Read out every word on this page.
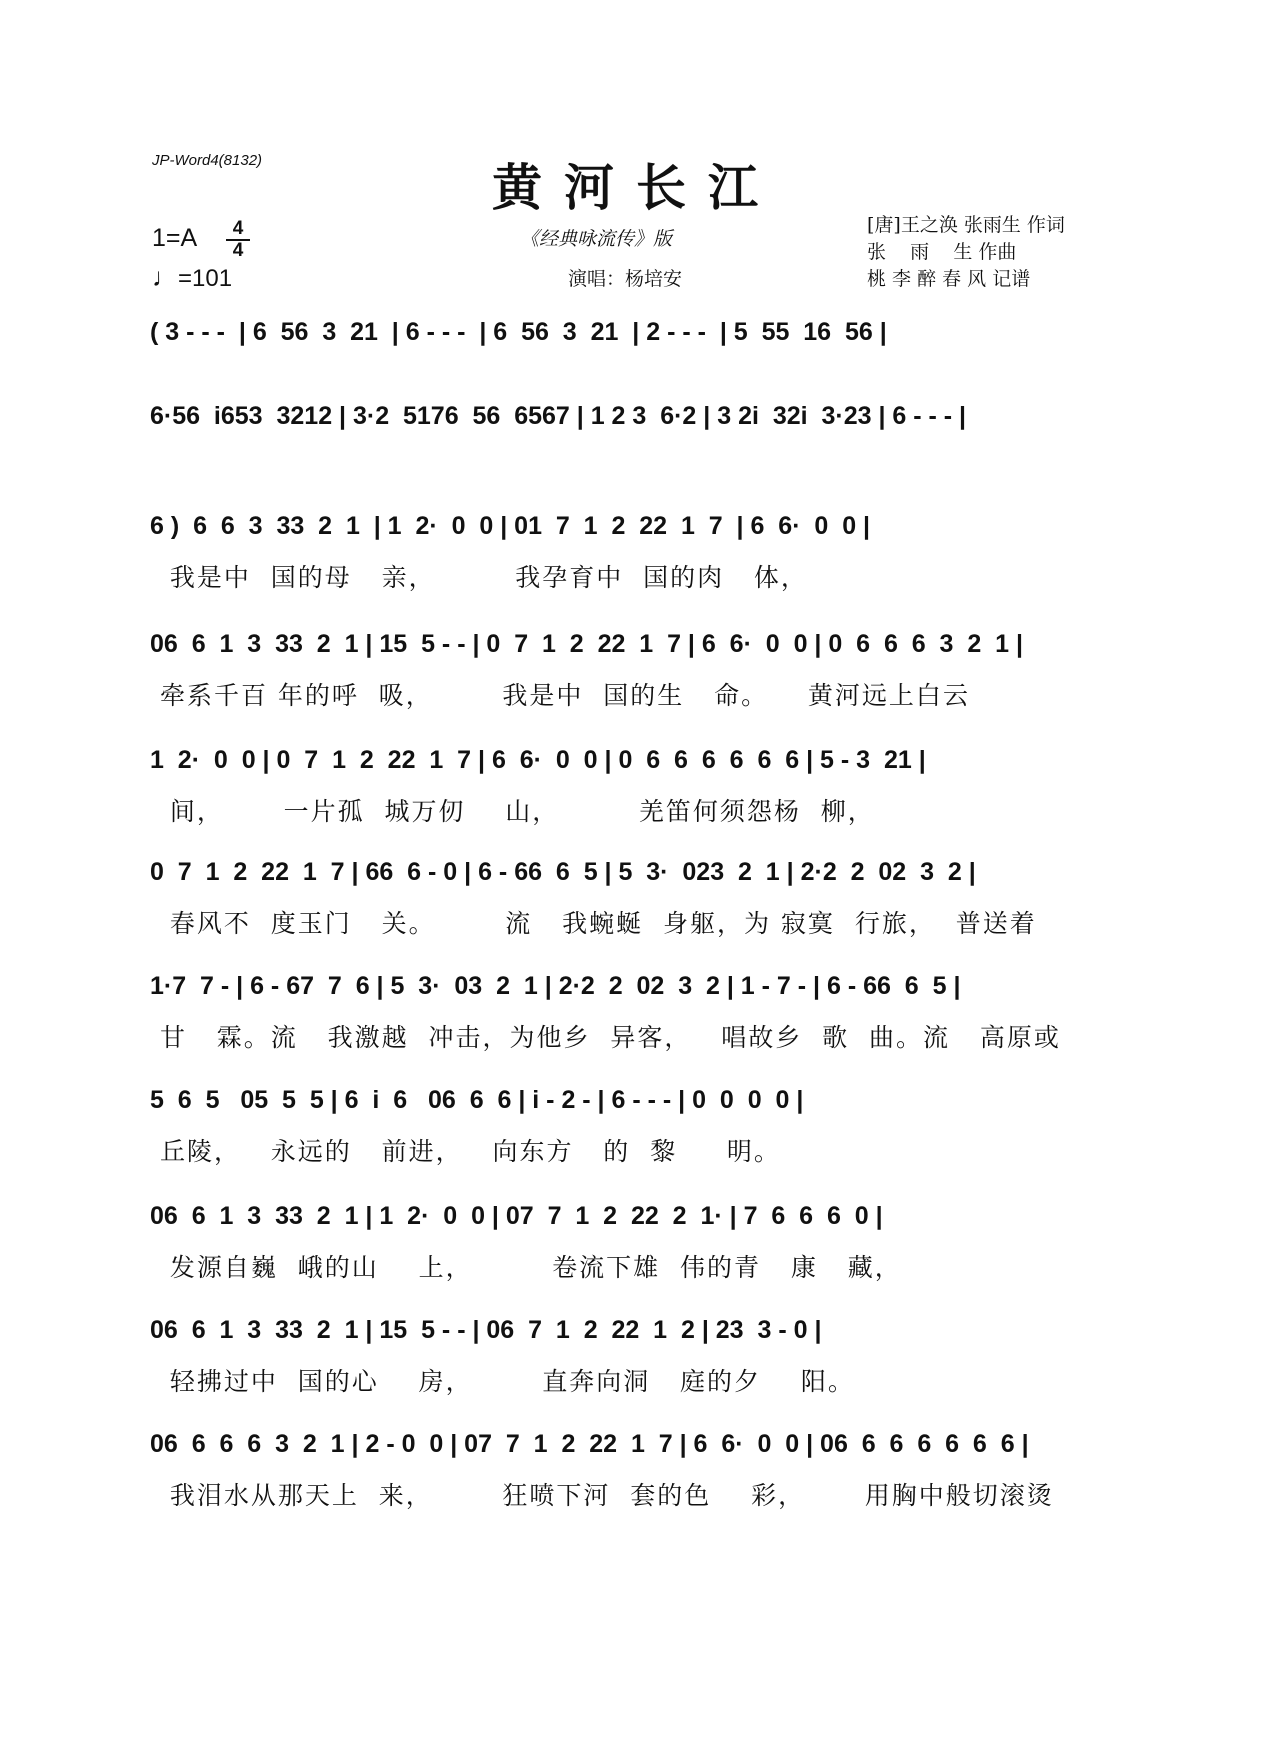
JP-Word4(8132)	黄河长江
1=A	4
4
♩=101
《经典咏流传》版
演唱：杨培安
[唐]王之涣 张雨生 作词
张    雨    生 作曲
桃 李 醉 春 风 记谱
( 3 - - -  | 6  56  3  21  | 6 - - -  | 6  56  3  21  | 2 - - -  | 5  55  16  56 |
6·56  i653  3212 | 3·2  5176  56  6567 | 1 2 3  6·2 | 3 2i  32i  3·23 | 6 - - - |
6 )  6  6  3  33  2  1  | 1  2·  0  0 | 01  7  1  2  22  1  7  | 6  6·  0  0 |
我是中  国的母   亲，        我孕育中  国的肉   体，
06  6  1  3  33  2  1 | 15  5 - - | 0  7  1  2  22  1  7 | 6  6·  0  0 | 0  6  6  6  3  2  1 |
牵系千百 年的呼  吸，       我是中  国的生   命。    黄河远上白云
1  2·  0  0 | 0  7  1  2  22  1  7 | 6  6·  0  0 | 0  6  6  6  6  6  6 | 5 - 3  21 |
间，      一片孤  城万仞    山，        羌笛何须怨杨  柳，
0  7  1  2  22  1  7 | 66  6 - 0 | 6 - 66  6  5 | 5  3·  023  2  1 | 2·2  2  02  3  2 |
春风不  度玉门   关。       流   我蜿蜒  身躯，为 寂寞  行旅，  普送着
1·7  7 - | 6 - 67  7  6 | 5  3·  03  2  1 | 2·2  2  02  3  2 | 1 - 7 - | 6 - 66  6  5 |
甘   霖。流   我激越  冲击，为他乡  异客，   唱故乡  歌  曲。流   高原或
5  6  5   05  5  5 | 6  i  6   06  6  6 | i - 2 - | 6 - - - | 0  0  0  0 |
丘陵，   永远的   前进，   向东方   的  黎     明。
06  6  1  3  33  2  1 | 1  2·  0  0 | 07  7  1  2  22  2  1· | 7  6  6  6  0 |
发源自巍  峨的山    上，        卷流下雄  伟的青   康   藏，
06  6  1  3  33  2  1 | 15  5 - - | 06  7  1  2  22  1  2 | 23  3 - 0 |
轻拂过中  国的心    房，       直奔向洞   庭的夕    阳。
06  6  6  6  3  2  1 | 2 - 0  0 | 07  7  1  2  22  1  7 | 6  6·  0  0 | 06  6  6  6  6  6  6 |
我泪水从那天上  来，       狂喷下河  套的色    彩，      用胸中般切滚烫
